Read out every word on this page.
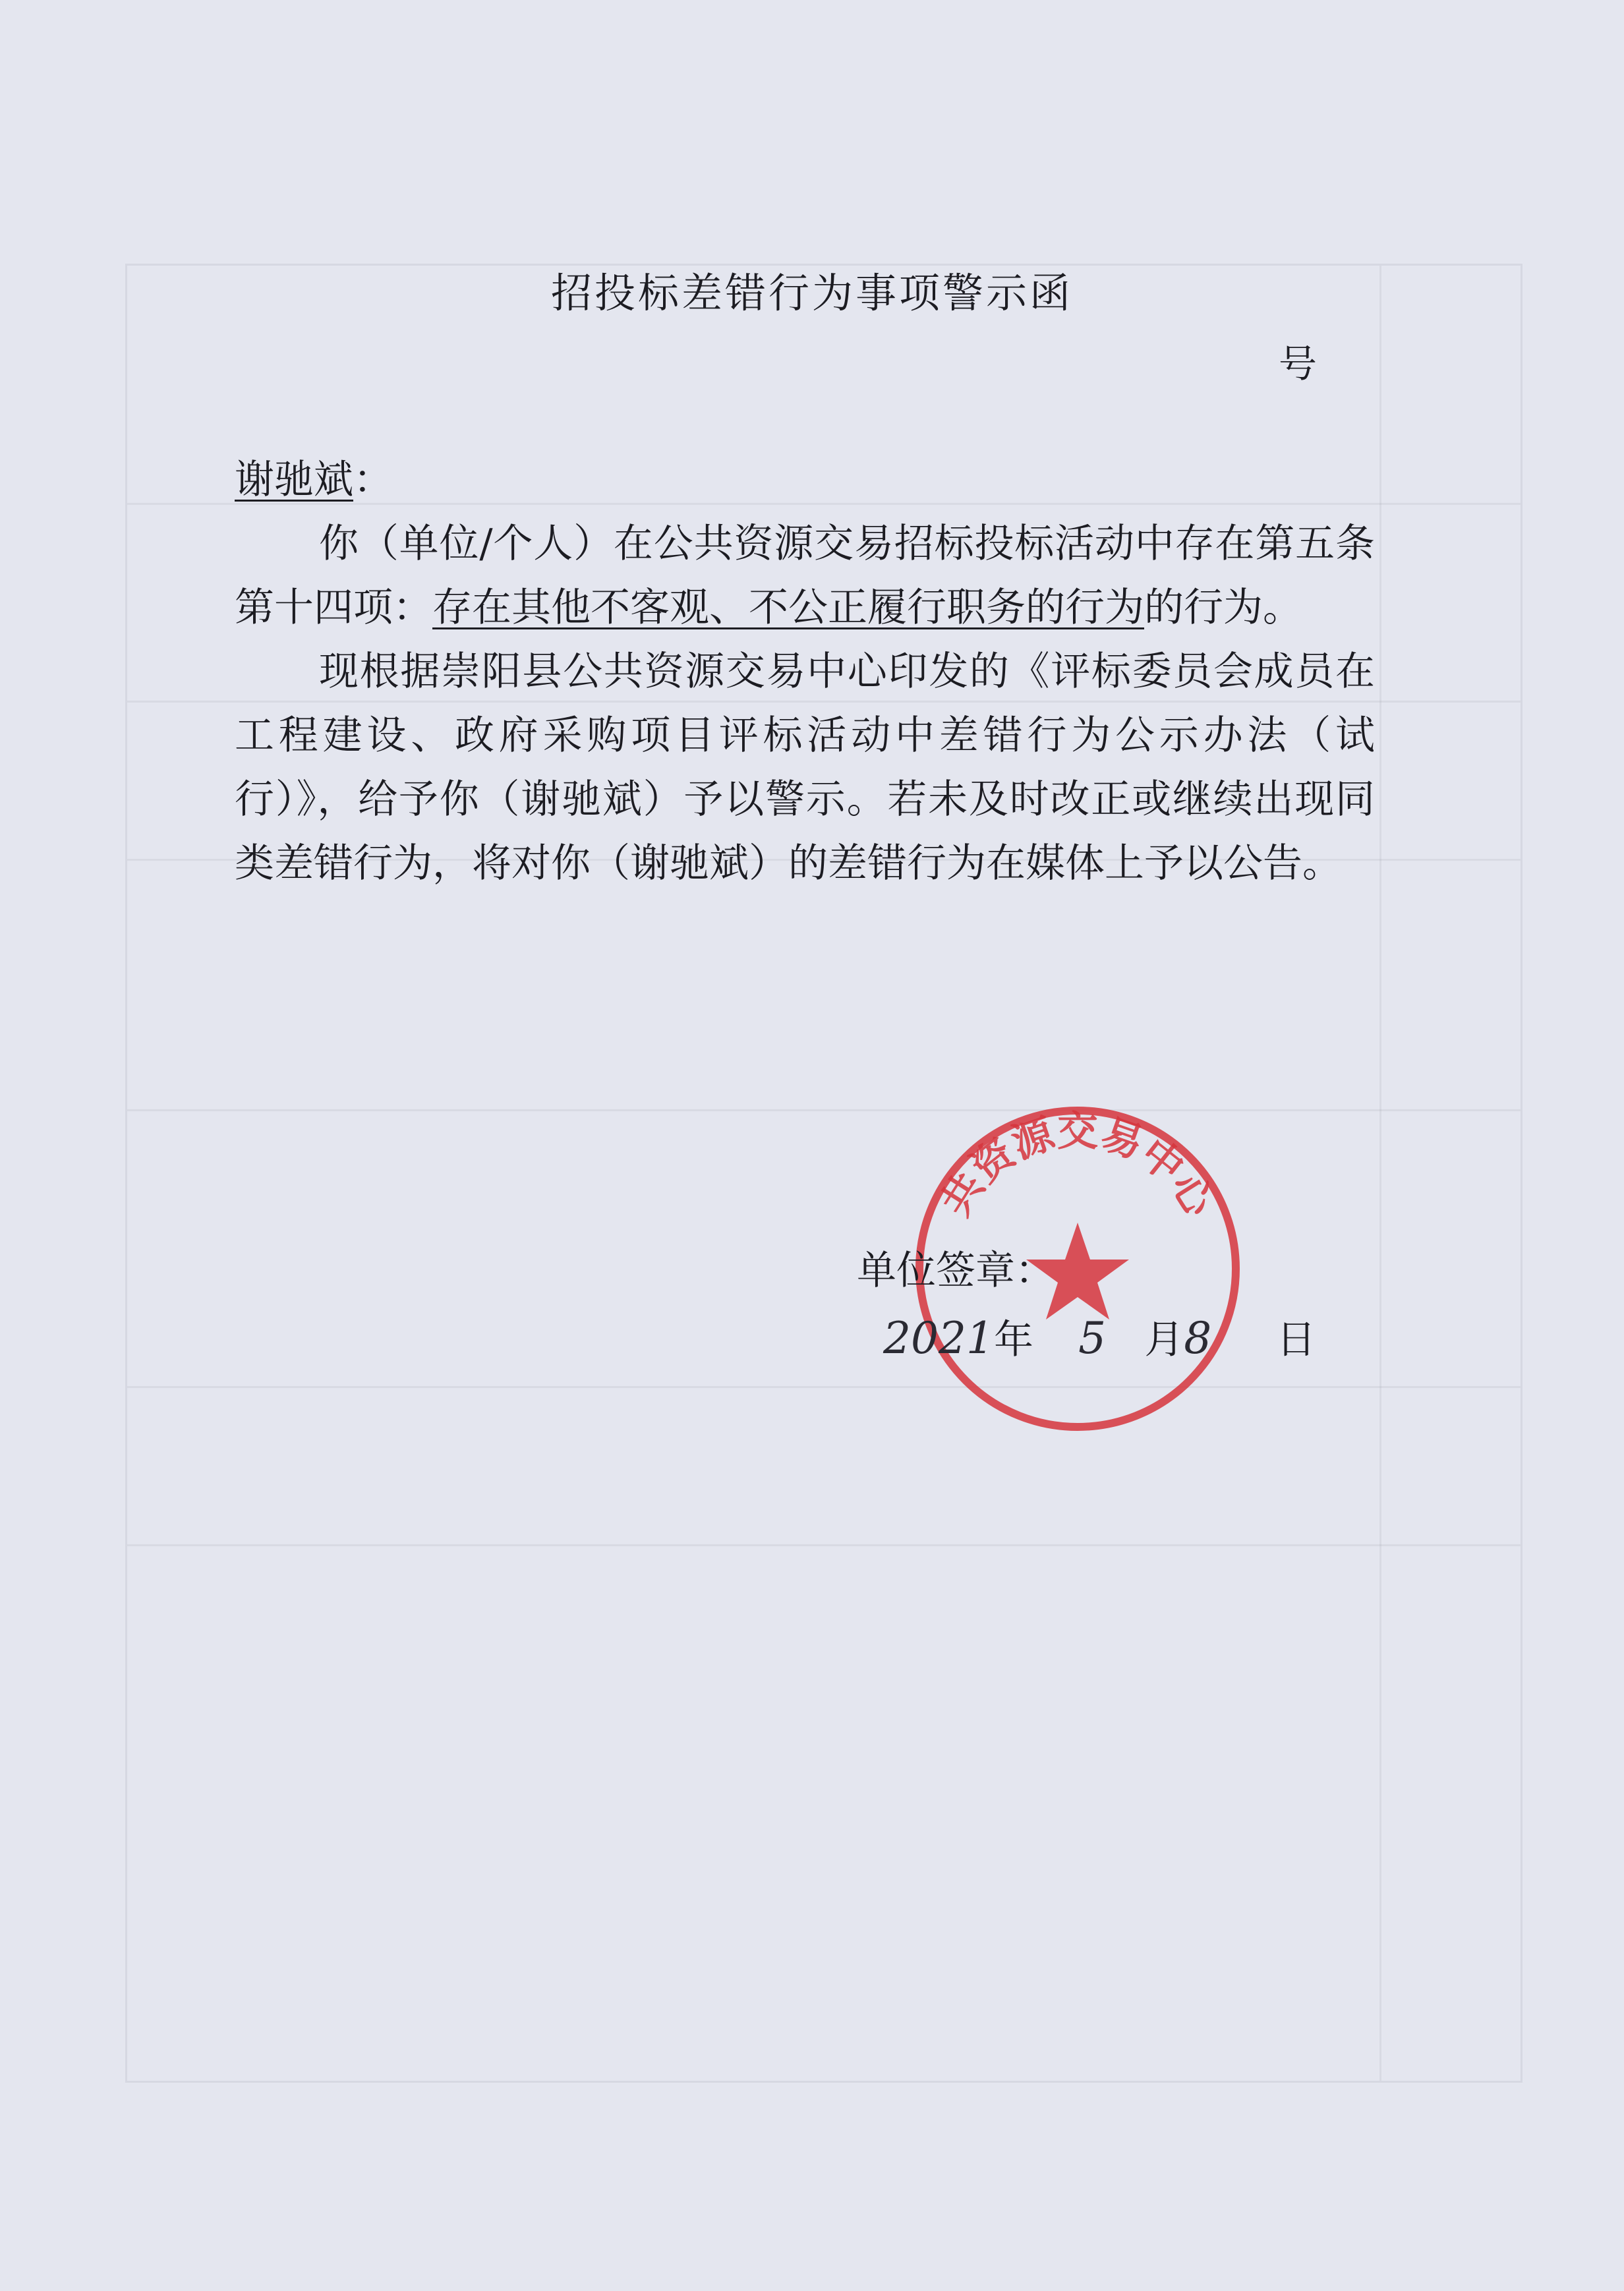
招投标差错行为事项警示函
号

谢驰斌：

你（单位/个人）在公共资源交易招标投标活动中存在第五条第十四项：存在其他不客观、不公正履行职务的行为的行为。

现根据崇阳县公共资源交易中心印发的《评标委员会成员在工程建设、政府采购项目评标活动中差错行为公示办法（试行）》，给予你（谢驰斌）予以警示。若未及时改正或继续出现同类差错行为，将对你（谢驰斌）的差错行为在媒体上予以公告。

共资源交易中心
单位签章：
2021年 5 月8 日
